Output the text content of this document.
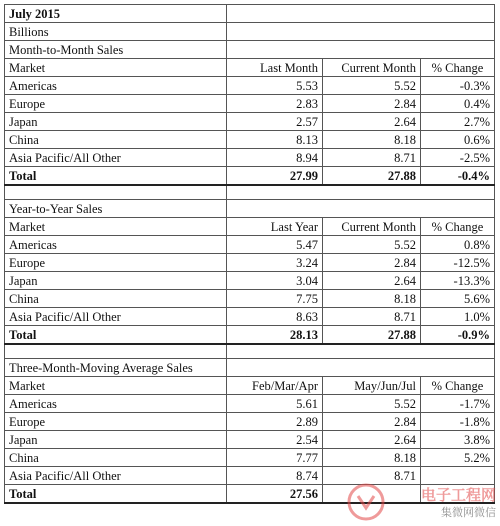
July 2015			
Billions			
Month-to-Month Sales			
Market	Last Month	Current Month	% Change
Americas	5.53	5.52	-0.3%
Europe	2.83	2.84	0.4%
Japan	2.57	2.64	2.7%
China	8.13	8.18	0.6%
Asia Pacific/All Other	8.94	8.71	-2.5%
Total	27.99	27.88	-0.4%

Year-to-Year Sales			
Market	Last Year	Current Month	% Change
Americas	5.47	5.52	0.8%
Europe	3.24	2.84	-12.5%
Japan	3.04	2.64	-13.3%
China	7.75	8.18	5.6%
Asia Pacific/All Other	8.63	8.71	1.0%
Total	28.13	27.88	-0.9%

Three-Month-Moving Average Sales			
Market	Feb/Mar/Apr	May/Jun/Jul	% Change
Americas	5.61	5.52	-1.7%
Europe	2.89	2.84	-1.8%
Japan	2.54	2.64	3.8%
China	7.77	8.18	5.2%
Asia Pacific/All Other	8.74	8.71	
Total	27.56			电子工程网
集微网微信
